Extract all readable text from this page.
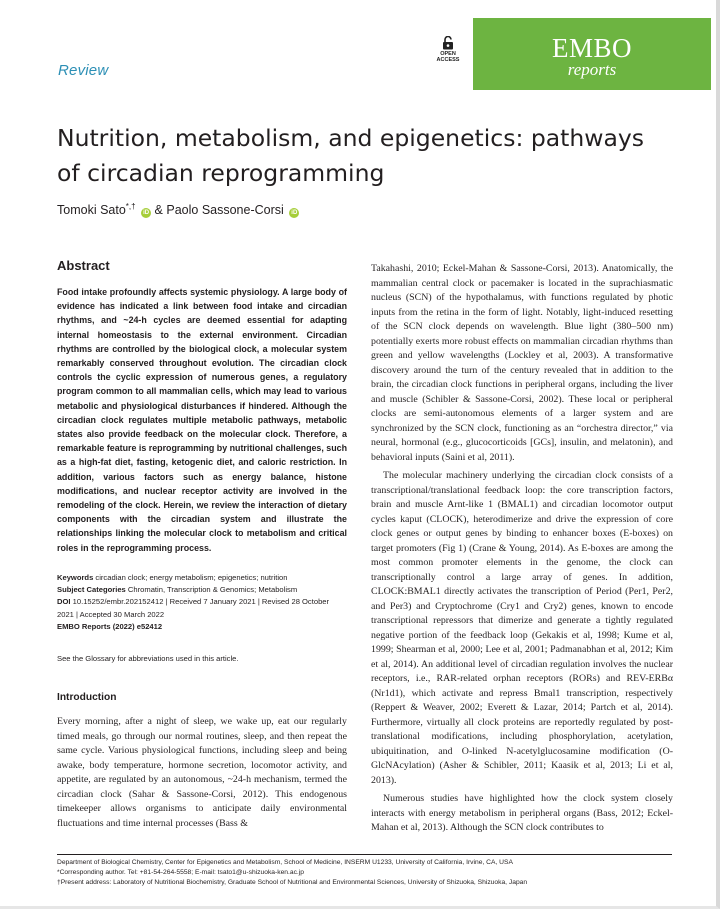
Review
OPEN
ACCESS	EMBO
reports
Nutrition, metabolism, and epigenetics: pathways of circadian reprogramming
Tomoki Sato*,† iD & Paolo Sassone-Corsi iD
Abstract
Food intake profoundly affects systemic physiology. A large body of evidence has indicated a link between food intake and circadian rhythms, and ~24-h cycles are deemed essential for adapting internal homeostasis to the external environment. Circadian rhythms are controlled by the biological clock, a molecular system remarkably conserved throughout evolution. The circadian clock controls the cyclic expression of numerous genes, a regulatory program common to all mammalian cells, which may lead to various metabolic and physiological disturbances if hindered. Although the circadian clock regulates multiple metabolic pathways, metabolic states also provide feedback on the molecular clock. Therefore, a remarkable feature is reprogramming by nutritional challenges, such as a high-fat diet, fasting, ketogenic diet, and caloric restriction. In addition, various factors such as energy balance, histone modifications, and nuclear receptor activity are involved in the remodeling of the clock. Herein, we review the interaction of dietary components with the circadian system and illustrate the relationships linking the molecular clock to metabolism and critical roles in the reprogramming process.
Keywords circadian clock; energy metabolism; epigenetics; nutrition
Subject Categories Chromatin, Transcription & Genomics; Metabolism
DOI 10.15252/embr.202152412 | Received 7 January 2021 | Revised 28 October
2021 | Accepted 30 March 2022
EMBO Reports (2022) e52412
See the Glossary for abbreviations used in this article.
Introduction

Every morning, after a night of sleep, we wake up, eat our regularly timed meals, go through our normal routines, sleep, and then repeat the same cycle. Various physiological functions, including sleep and being awake, body temperature, hormone secretion, locomotor activity, and appetite, are regulated by an autonomous, ~24-h mechanism, termed the circadian clock (Sahar & Sassone-Corsi, 2012). This endogenous timekeeper allows organisms to anticipate daily environmental fluctuations and time internal processes (Bass &

Takahashi, 2010; Eckel-Mahan & Sassone-Corsi, 2013). Anatomically, the mammalian central clock or pacemaker is located in the suprachiasmatic nucleus (SCN) of the hypothalamus, with functions regulated by photic inputs from the retina in the form of light. Notably, light-induced resetting of the SCN clock depends on wavelength. Blue light (380–500 nm) potentially exerts more robust effects on mammalian circadian rhythms than green and yellow wavelengths (Lockley et al, 2003). A transformative discovery around the turn of the century revealed that in addition to the brain, the circadian clock functions in peripheral organs, including the liver and muscle (Schibler & Sassone-Corsi, 2002). These local or peripheral clocks are semi-autonomous elements of a larger system and are synchronized by the SCN clock, functioning as an “orchestra director,” via neural, hormonal (e.g., glucocorticoids [GCs], insulin, and melatonin), and behavioral inputs (Saini et al, 2011).

The molecular machinery underlying the circadian clock consists of a transcriptional/translational feedback loop: the core transcription factors, brain and muscle Arnt-like 1 (BMAL1) and circadian locomotor output cycles kaput (CLOCK), heterodimerize and drive the expression of core clock genes or output genes by binding to enhancer boxes (E-boxes) on target promoters (Fig 1) (Crane & Young, 2014). As E-boxes are among the most common promoter elements in the genome, the clock can transcriptionally control a large array of genes. In addition, CLOCK:BMAL1 directly activates the transcription of Period (Per1, Per2, and Per3) and Cryptochrome (Cry1 and Cry2) genes, known to encode transcriptional repressors that dimerize and generate a tightly regulated negative portion of the feedback loop (Gekakis et al, 1998; Kume et al, 1999; Shearman et al, 2000; Lee et al, 2001; Padmanabhan et al, 2012; Kim et al, 2014). An additional level of circadian regulation involves the nuclear receptors, i.e., RAR-related orphan receptors (RORs) and REV-ERBα (Nr1d1), which activate and repress Bmal1 transcription, respectively (Reppert & Weaver, 2002; Everett & Lazar, 2014; Partch et al, 2014). Furthermore, virtually all clock proteins are reportedly regulated by post-translational modifications, including phosphorylation, acetylation, ubiquitination, and O-linked N-acetylglucosamine modification (O-GlcNAcylation) (Asher & Schibler, 2011; Kaasik et al, 2013; Li et al, 2013).

Numerous studies have highlighted how the clock system closely interacts with energy metabolism in peripheral organs (Bass, 2012; Eckel-Mahan et al, 2013). Although the SCN clock contributes to

Department of Biological Chemistry, Center for Epigenetics and Metabolism, School of Medicine, INSERM U1233, University of California, Irvine, CA, USA
*Corresponding author. Tel: +81-54-264-5558; E-mail: tsato1@u-shizuoka-ken.ac.jp
†Present address: Laboratory of Nutritional Biochemistry, Graduate School of Nutritional and Environmental Sciences, University of Shizuoka, Shizuoka, Japan
